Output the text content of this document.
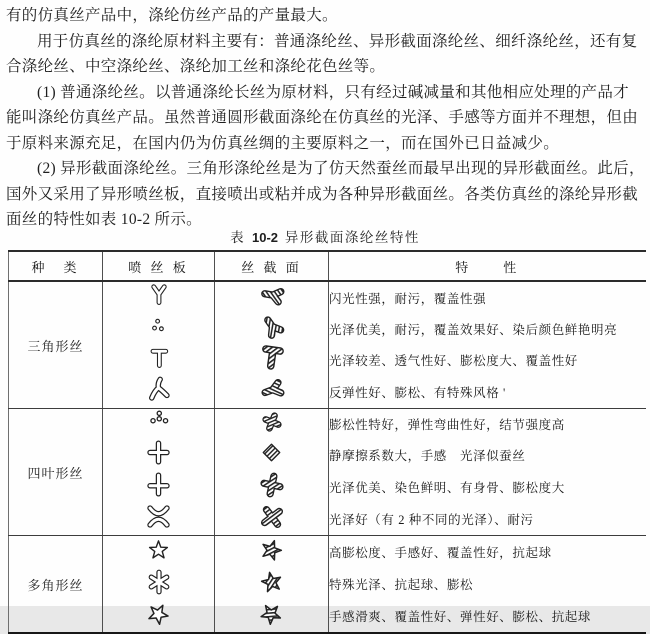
有的仿真丝产品中，涤纶仿丝产品的产量最大。
用于仿真丝的涤纶原材料主要有：普通涤纶丝、异形截面涤纶丝、细纤涤纶丝，还有复
合涤纶丝、中空涤纶丝、涤纶加工丝和涤纶花色丝等。
(1) 普通涤纶丝。以普通涤纶长丝为原材料，只有经过碱减量和其他相应处理的产品才
能叫涤纶仿真丝产品。虽然普通圆形截面涤纶在仿真丝的光泽、手感等方面并不理想，但由
于原料来源充足，在国内仍为仿真丝绸的主要原料之一，而在国外已日益减少。
(2) 异形截面涤纶丝。三角形涤纶丝是为了仿天然蚕丝而最早出现的异形截面丝。此后，
国外又采用了异形喷丝板，直接喷出或粘并成为各种异形截面丝。各类仿真丝的涤纶异形截
面丝的特性如表 10-2 所示。
表 10-2 异形截面涤纶丝特性
种　类	喷 丝 板	丝 截 面	特　　性
三角形丝			闪光性强，耐污，覆盖性强
		光泽优美，耐污，覆盖效果好、染后颜色鲜艳明亮
		光泽较差、透气性好、膨松度大、覆盖性好
		反弹性好、膨松、有特殊风格 '
四叶形丝			膨松性特好，弹性弯曲性好，结节强度高
		静摩擦系数大，手感　光泽似蚕丝
		光泽优美、染色鲜明、有身骨、膨松度大
		光泽好（有 2 种不同的光泽）、耐污
多角形丝			高膨松度、手感好、覆盖性好，抗起球
		特殊光泽、抗起球、膨松
		手感滑爽、覆盖性好、弹性好、膨松、抗起球
